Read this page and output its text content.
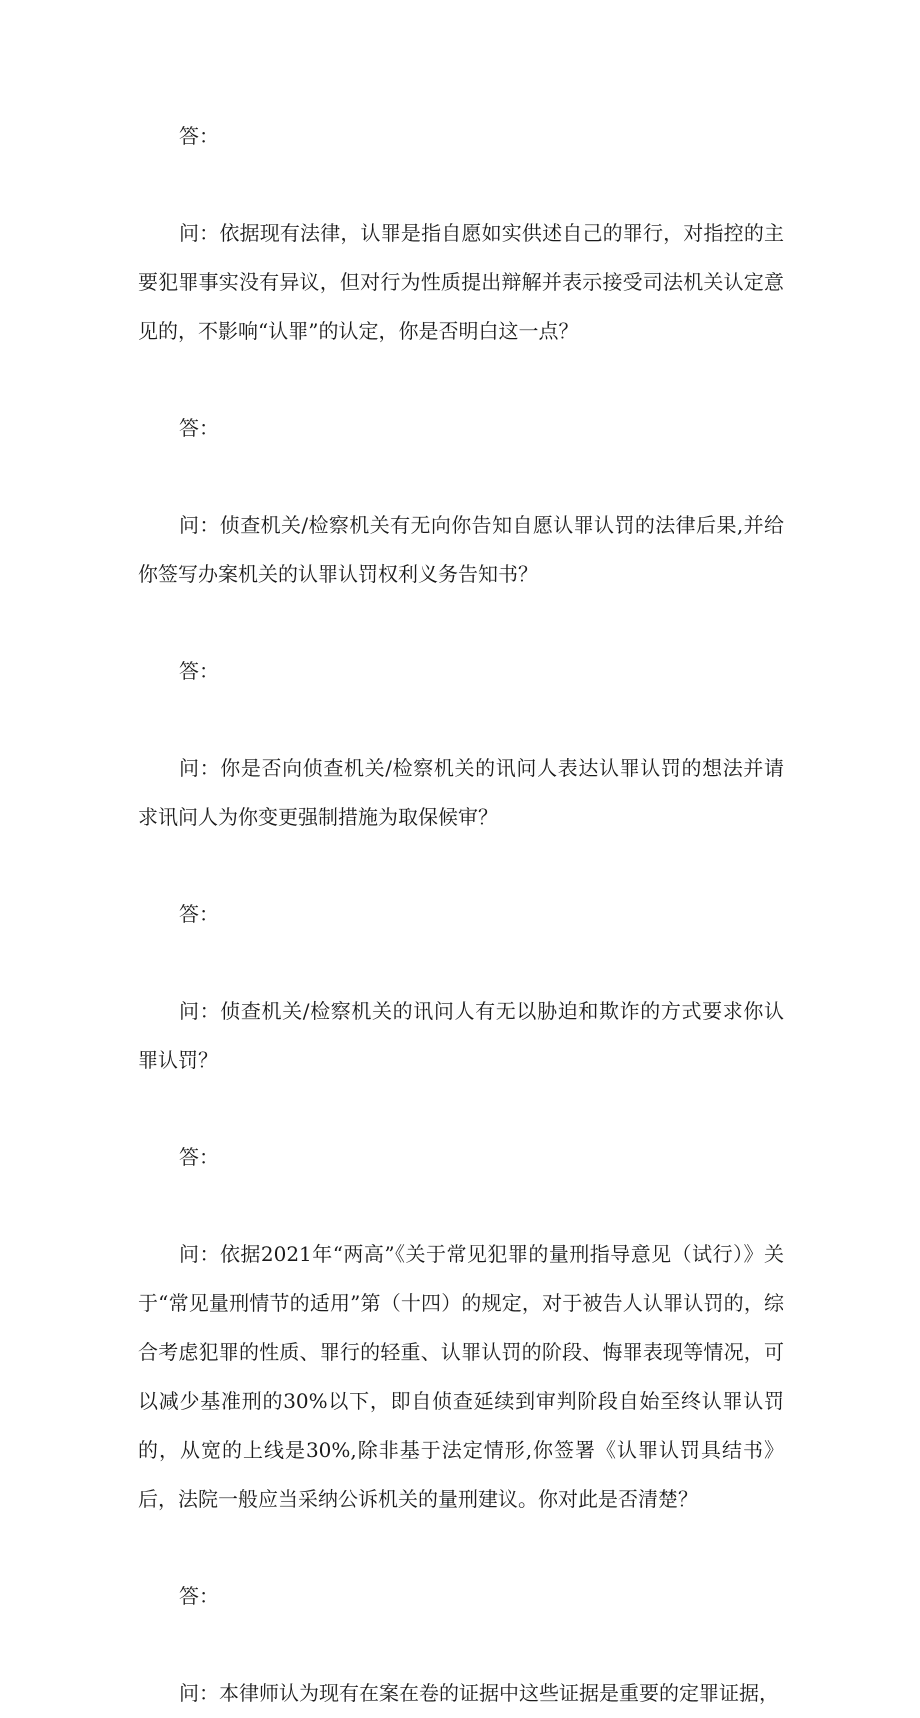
答：

问：依据现有法律，认罪是指自愿如实供述自己的罪行，对指控的主要犯罪事实没有异议，但对行为性质提出辩解并表示接受司法机关认定意见的，不影响“认罪”的认定，你是否明白这一点？

答：

问：侦查机关/检察机关有无向你告知自愿认罪认罚的法律后果,并给你签写办案机关的认罪认罚权利义务告知书？

答：

问：你是否向侦查机关/检察机关的讯问人表达认罪认罚的想法并请求讯问人为你变更强制措施为取保候审？

答：

问：侦查机关/检察机关的讯问人有无以胁迫和欺诈的方式要求你认罪认罚？

答：

问：依据2021年“两高”《关于常见犯罪的量刑指导意见（试行）》关于“常见量刑情节的适用”第（十四）的规定，对于被告人认罪认罚的，综合考虑犯罪的性质、罪行的轻重、认罪认罚的阶段、悔罪表现等情况，可以减少基准刑的30%以下，即自侦查延续到审判阶段自始至终认罪认罚的，从宽的上线是30%,除非基于法定情形,你签署《认罪认罚具结书》后，法院一般应当采纳公诉机关的量刑建议。你对此是否清楚？

答：

问：本律师认为现有在案在卷的证据中这些证据是重要的定罪证据，
